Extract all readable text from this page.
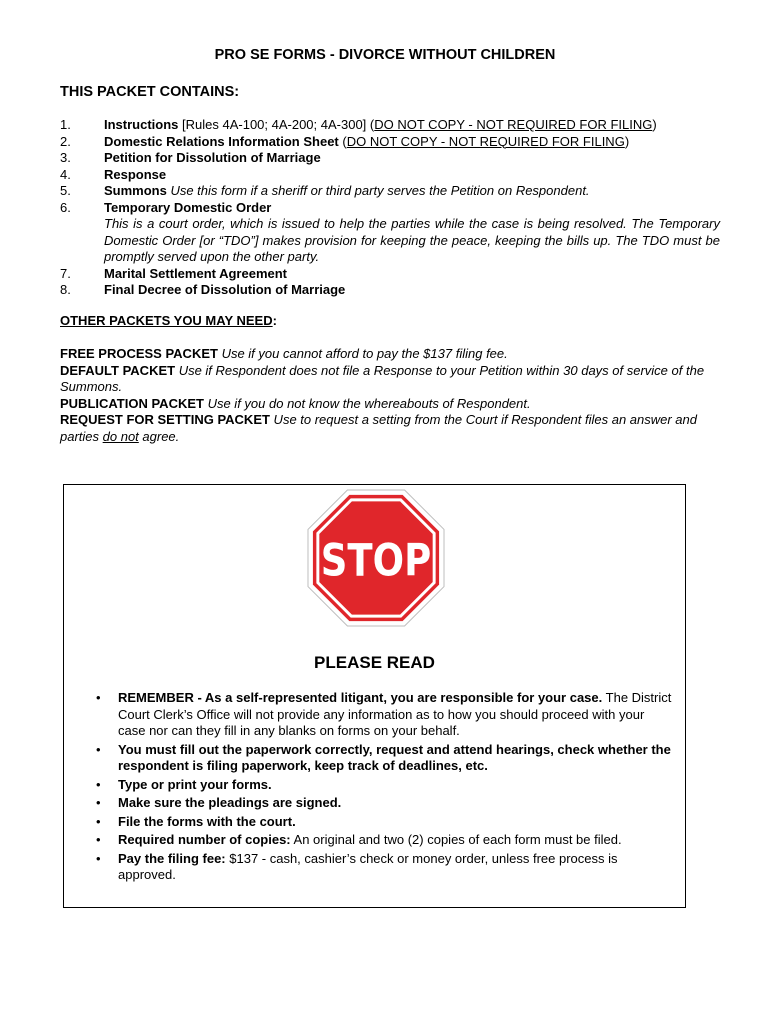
PRO SE FORMS - DIVORCE WITHOUT CHILDREN
THIS PACKET CONTAINS:
1.	Instructions [Rules 4A-100; 4A-200; 4A-300] (DO NOT COPY - NOT REQUIRED FOR FILING)
2.	Domestic Relations Information Sheet (DO NOT COPY - NOT REQUIRED FOR FILING)
3.	Petition for Dissolution of Marriage
4.	Response
5.	Summons Use this form if a sheriff or third party serves the Petition on Respondent.
6.	Temporary Domestic Order
This is a court order, which is issued to help the parties while the case is being resolved. The Temporary Domestic Order [or “TDO”] makes provision for keeping the peace, keeping the bills up. The TDO must be promptly served upon the other party.
7.	Marital Settlement Agreement
8.	Final Decree of Dissolution of Marriage
OTHER PACKETS YOU MAY NEED:

FREE PROCESS PACKET Use if you cannot afford to pay the $137 filing fee.

DEFAULT PACKET Use if Respondent does not file a Response to your Petition within 30 days of service of the Summons.

PUBLICATION PACKET Use if you do not know the whereabouts of Respondent.

REQUEST FOR SETTING PACKET Use to request a setting from the Court if Respondent files an answer and parties do not agree.

STOP
PLEASE READ
• REMEMBER - As a self-represented litigant, you are responsible for your case. The District Court Clerk’s Office will not provide any information as to how you should proceed with your case nor can they fill in any blanks on forms on your behalf.
• You must fill out the paperwork correctly, request and attend hearings, check whether the respondent is filing paperwork, keep track of deadlines, etc.
• Type or print your forms.
• Make sure the pleadings are signed.
• File the forms with the court.
• Required number of copies: An original and two (2) copies of each form must be filed.
• Pay the filing fee: $137 - cash, cashier’s check or money order, unless free process is approved.
